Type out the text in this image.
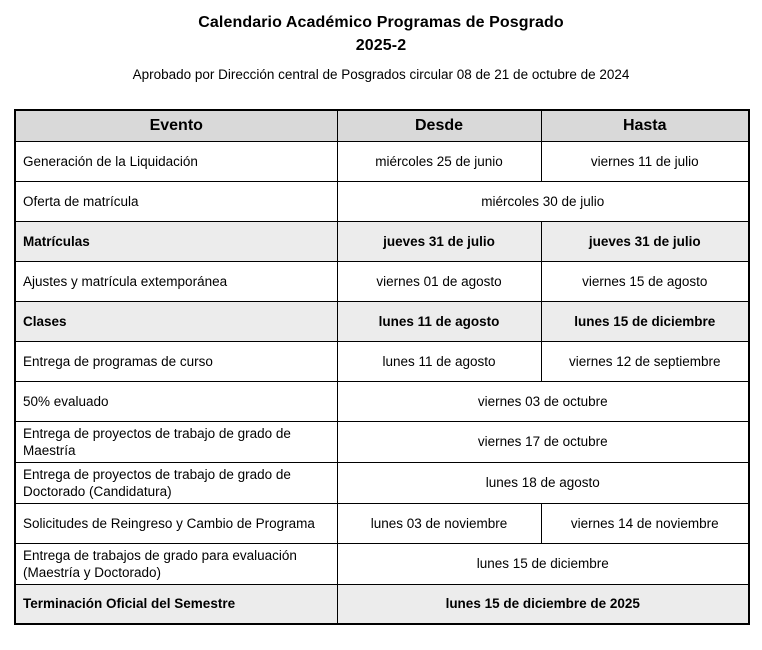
Calendario Académico Programas de Posgrado
2025-2
Aprobado por Dirección central de Posgrados circular 08 de 21 de octubre de 2024
Evento	Desde	Hasta
Generación de la Liquidación	miércoles 25 de junio	viernes 11 de julio
Oferta de matrícula	miércoles 30 de julio	
Matrículas	jueves 31 de julio	jueves 31 de julio
Ajustes y matrícula extemporánea	viernes 01 de agosto	viernes 15 de agosto
Clases	lunes 11 de agosto	lunes 15 de diciembre
Entrega de programas de curso	lunes 11 de agosto	viernes 12 de septiembre
50% evaluado	viernes 03 de octubre	
Entrega de proyectos de trabajo de grado de Maestría	viernes 17 de octubre	
Entrega de proyectos de trabajo de grado de Doctorado (Candidatura)	lunes 18 de agosto	
Solicitudes de Reingreso y Cambio de Programa	lunes 03 de noviembre	viernes 14 de noviembre
Entrega de trabajos de grado para evaluación (Maestría y Doctorado)	lunes 15 de diciembre	
Terminación Oficial del Semestre	lunes 15 de diciembre de 2025	
